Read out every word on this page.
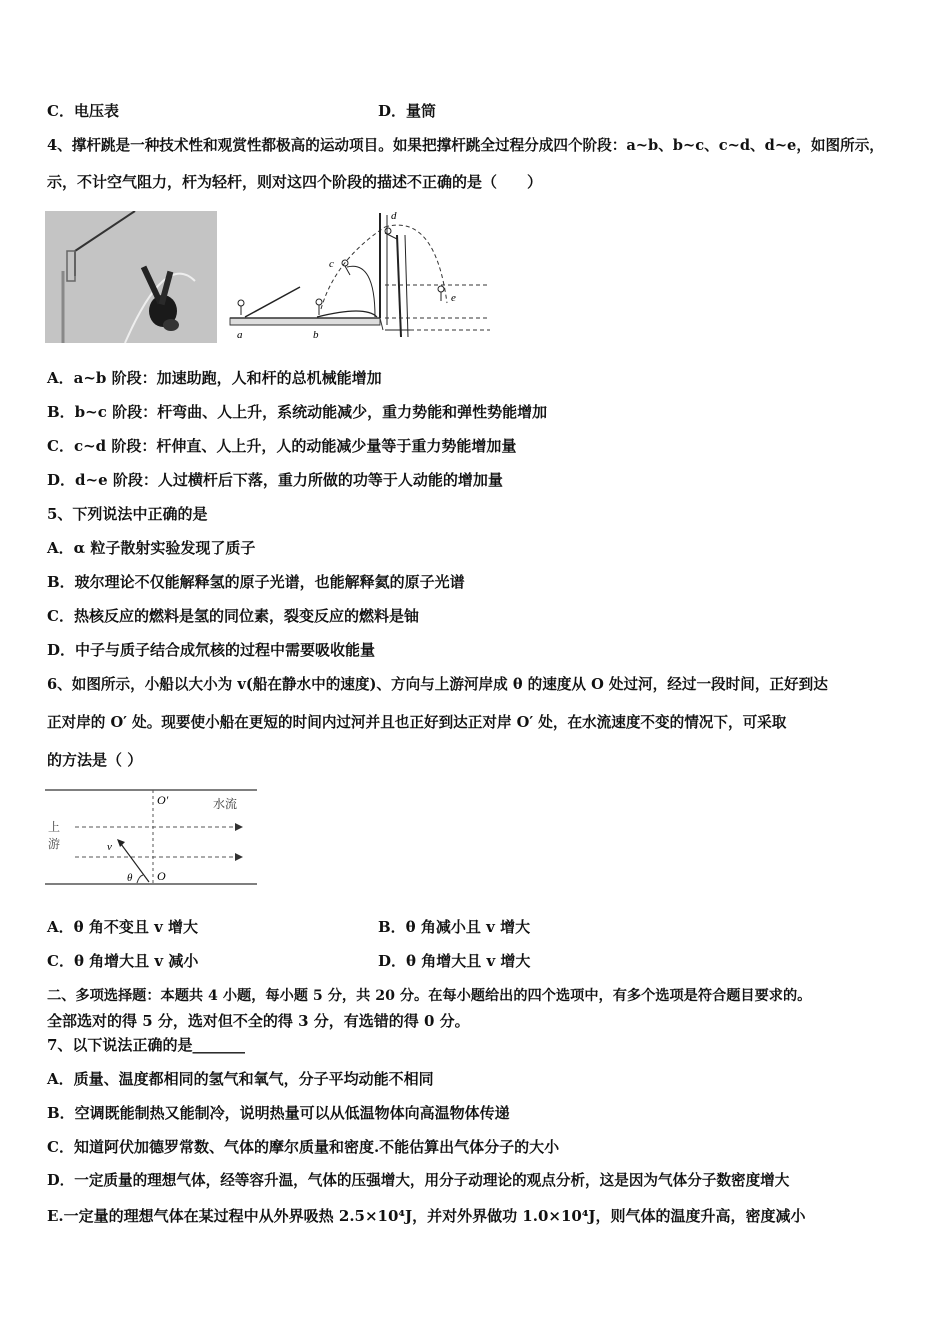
C．电压表	D．量筒
4、撑杆跳是一种技术性和观赏性都极高的运动项目。如果把撑杆跳全过程分成四个阶段：a~b、b~c、c~d、d~e，如图所示，
示，不计空气阻力，杆为轻杆，则对这四个阶段的描述不正确的是（　　）
a	b
c
d
e
A．a~b 阶段：加速助跑，人和杆的总机械能增加
B．b~c 阶段：杆弯曲、人上升，系统动能减少，重力势能和弹性势能增加
C．c~d 阶段：杆伸直、人上升，人的动能减少量等于重力势能增加量
D．d~e 阶段：人过横杆后下落，重力所做的功等于人动能的增加量
5、下列说法中正确的是
A．α 粒子散射实验发现了质子
B．玻尔理论不仅能解释氢的原子光谱，也能解释氦的原子光谱
C．热核反应的燃料是氢的同位素，裂变反应的燃料是铀
D．中子与质子结合成氘核的过程中需要吸收能量
6、如图所示，小船以大小为 v(船在静水中的速度)、方向与上游河岸成 θ 的速度从 O 处过河，经过一段时间，正好到达
正对岸的 O′ 处。现要使小船在更短的时间内过河并且也正好到达正对岸 O′ 处，在水流速度不变的情况下，可采取
的方法是（ ）
O′	水流
上
游	v
θ O
A．θ 角不变且 v 增大	B．θ 角减小且 v 增大
C．θ 角增大且 v 减小	D．θ 角增大且 v 增大
二、多项选择题：本题共 4 小题，每小题 5 分，共 20 分。在每小题给出的四个选项中，有多个选项是符合题目要求的。
全部选对的得 5 分，选对但不全的得 3 分，有选错的得 0 分。
7、以下说法正确的是_______
A．质量、温度都相同的氢气和氧气，分子平均动能不相同
B．空调既能制热又能制冷，说明热量可以从低温物体向高温物体传递
C．知道阿伏加德罗常数、气体的摩尔质量和密度.不能估算出气体分子的大小
D．一定质量的理想气体，经等容升温，气体的压强增大，用分子动理论的观点分析，这是因为气体分子数密度增大
E.一定量的理想气体在某过程中从外界吸热 2.5×10⁴J，并对外界做功 1.0×10⁴J，则气体的温度升高，密度减小
